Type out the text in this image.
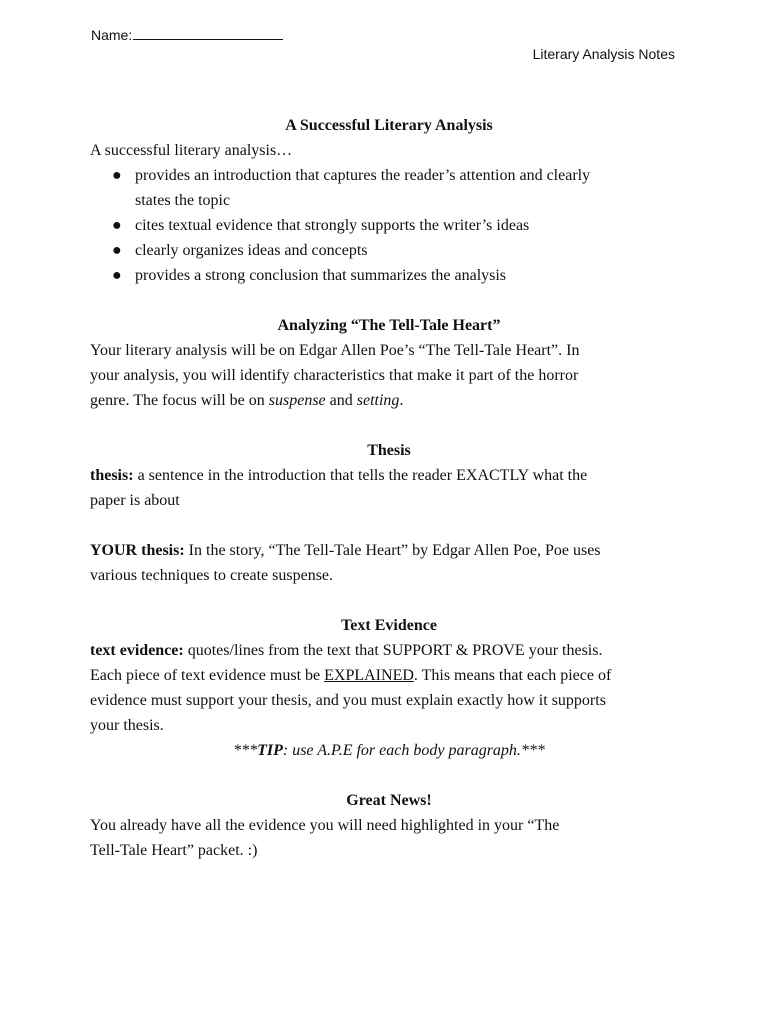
Name:
Literary Analysis Notes

A Successful Literary Analysis

A successful literary analysis…

● provides an introduction that captures the reader’s attention and clearly
states the topic
● cites textual evidence that strongly supports the writer’s ideas
● clearly organizes ideas and concepts
● provides a strong conclusion that summarizes the analysis

Analyzing “The Tell-Tale Heart”

Your literary analysis will be on Edgar Allen Poe’s “The Tell-Tale Heart”. In
your analysis, you will identify characteristics that make it part of the horror
genre. The focus will be on suspense and setting.

Thesis

thesis: a sentence in the introduction that tells the reader EXACTLY what the
paper is about

YOUR thesis: In the story, “The Tell-Tale Heart” by Edgar Allen Poe, Poe uses
various techniques to create suspense.

Text Evidence

text evidence: quotes/lines from the text that SUPPORT & PROVE your thesis.
Each piece of text evidence must be EXPLAINED. This means that each piece of
evidence must support your thesis, and you must explain exactly how it supports
your thesis.

***TIP: use A.P.E for each body paragraph.***

Great News!

You already have all the evidence you will need highlighted in your “The
Tell-Tale Heart” packet. :)
